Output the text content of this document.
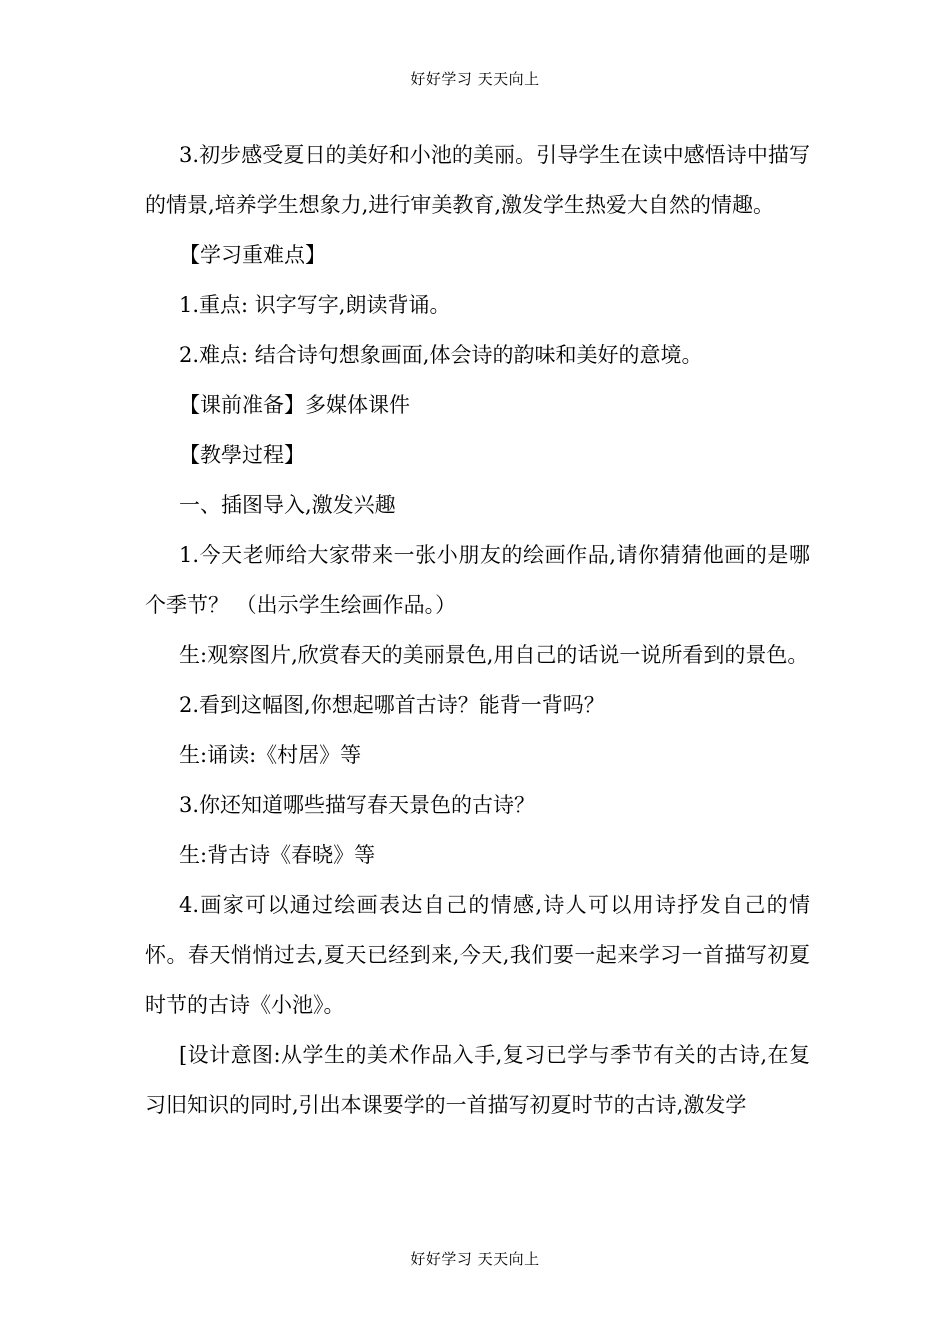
好好学习 天天向上

3.初步感受夏日的美好和小池的美丽。引导学生在读中感悟诗中描写的情景,培养学生想象力,进行审美教育,激发学生热爱大自然的情趣。

【学习重难点】

1.重点: 识字写字,朗读背诵。

2.难点: 结合诗句想象画面,体会诗的韵味和美好的意境。

【课前准备】多媒体课件

【教學过程】

一、插图导入,激发兴趣

1.今天老师给大家带来一张小朋友的绘画作品,请你猜猜他画的是哪个季节？ （出示学生绘画作品。）

生:观察图片,欣赏春天的美丽景色,用自己的话说一说所看到的景色。

2.看到这幅图,你想起哪首古诗？能背一背吗？

生:诵读:《村居》等

3.你还知道哪些描写春天景色的古诗？

生:背古诗《春晓》等

4.画家可以通过绘画表达自己的情感,诗人可以用诗抒发自己的情怀。春天悄悄过去,夏天已经到来,今天,我们要一起来学习一首描写初夏时节的古诗《小池》。

[设计意图:从学生的美术作品入手,复习已学与季节有关的古诗,在复习旧知识的同时,引出本课要学的一首描写初夏时节的古诗,激发学

好好学习 天天向上
